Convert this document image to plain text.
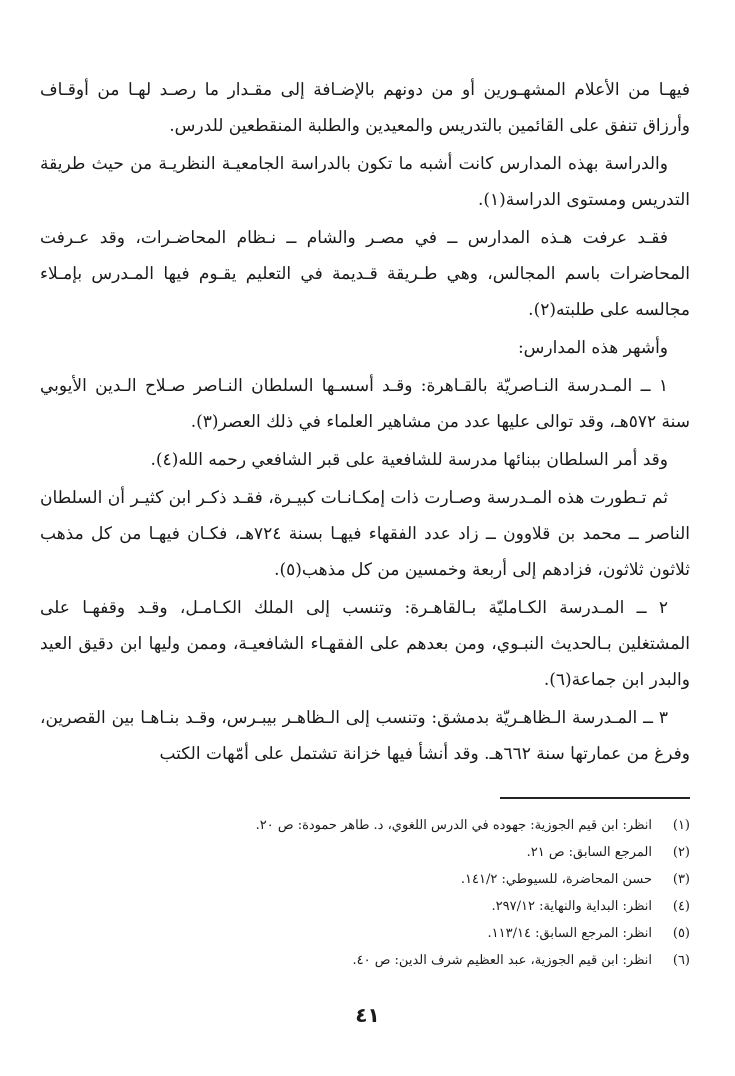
فيهـا من الأعلام المشهـورين أو من دونهم بالإضـافة إلى مقـدار ما رصـد لهـا من أوقـاف وأرزاق تنفق على القائمين بالتدريس والمعيدين والطلبة المنقطعين للدرس.

والدراسة بهذه المدارس كانت أشبه ما تكون بالدراسة الجامعيـة النظريـة من حيث طريقة التدريس ومستوى الدراسة(١).

فقـد عرفت هـذه المدارس ــ في مصـر والشام ــ نـظام المحاضـرات، وقد عـرفت المحاضرات باسم المجالس، وهي طـريقة قـديمة في التعليم يقـوم فيها المـدرس بإمـلاء مجالسه على طلبته(٢).

وأشهر هذه المدارس:

١ ــ المـدرسة النـاصريّة بالقـاهرة: وقـد أسسـها السلطان النـاصر صـلاح الـدين الأيوبي سنة ٥٧٢هـ، وقد توالى عليها عدد من مشاهير العلماء في ذلك العصر(٣).

وقد أمر السلطان ببنائها مدرسة للشافعية على قبر الشافعي رحمه الله(٤).

ثم تـطورت هذه المـدرسة وصـارت ذات إمكـانـات كبيـرة، فقـد ذكـر ابن كثيـر أن السلطان الناصر ــ محمد بن قلاوون ــ زاد عدد الفقهاء فيهـا بسنة ٧٢٤هـ، فكـان فيهـا من كل مذهب ثلاثون ثلاثون، فزادهم إلى أربعة وخمسين من كل مذهب(٥).

٢ ــ المـدرسة الكـامليّة بـالقاهـرة: وتنسب إلى الملك الكـامـل، وقـد وقفهـا على المشتغلين بـالحديث النبـوي، ومن بعدهم على الفقهـاء الشافعيـة، وممن وليها ابن دقيق العيد والبدر ابن جماعة(٦).

٣ ــ المـدرسة الـظاهـريّة بدمشق: وتنسب إلى الـظاهـر بيبـرس، وقـد بنـاهـا بين القصرين، وفرغ من عمارتها سنة ٦٦٢هـ. وقد أنشأ فيها خزانة تشتمل على أمّهات الكتب

(١)
انظر: ابن قيم الجوزية: جهوده في الدرس اللغوي، د. طاهر حمودة: ص ٢٠.
(٢)
المرجع السابق: ص ٢١.
(٣)
حسن المحاضرة، للسيوطي: ١٤١/٢.
(٤)
انظر: البداية والنهاية: ٢٩٧/١٢.
(٥)
انظر: المرجع السابق: ١١٣/١٤.
(٦)
انظر: ابن قيم الجوزية، عبد العظيم شرف الدين: ص ٤٠.
٤١
